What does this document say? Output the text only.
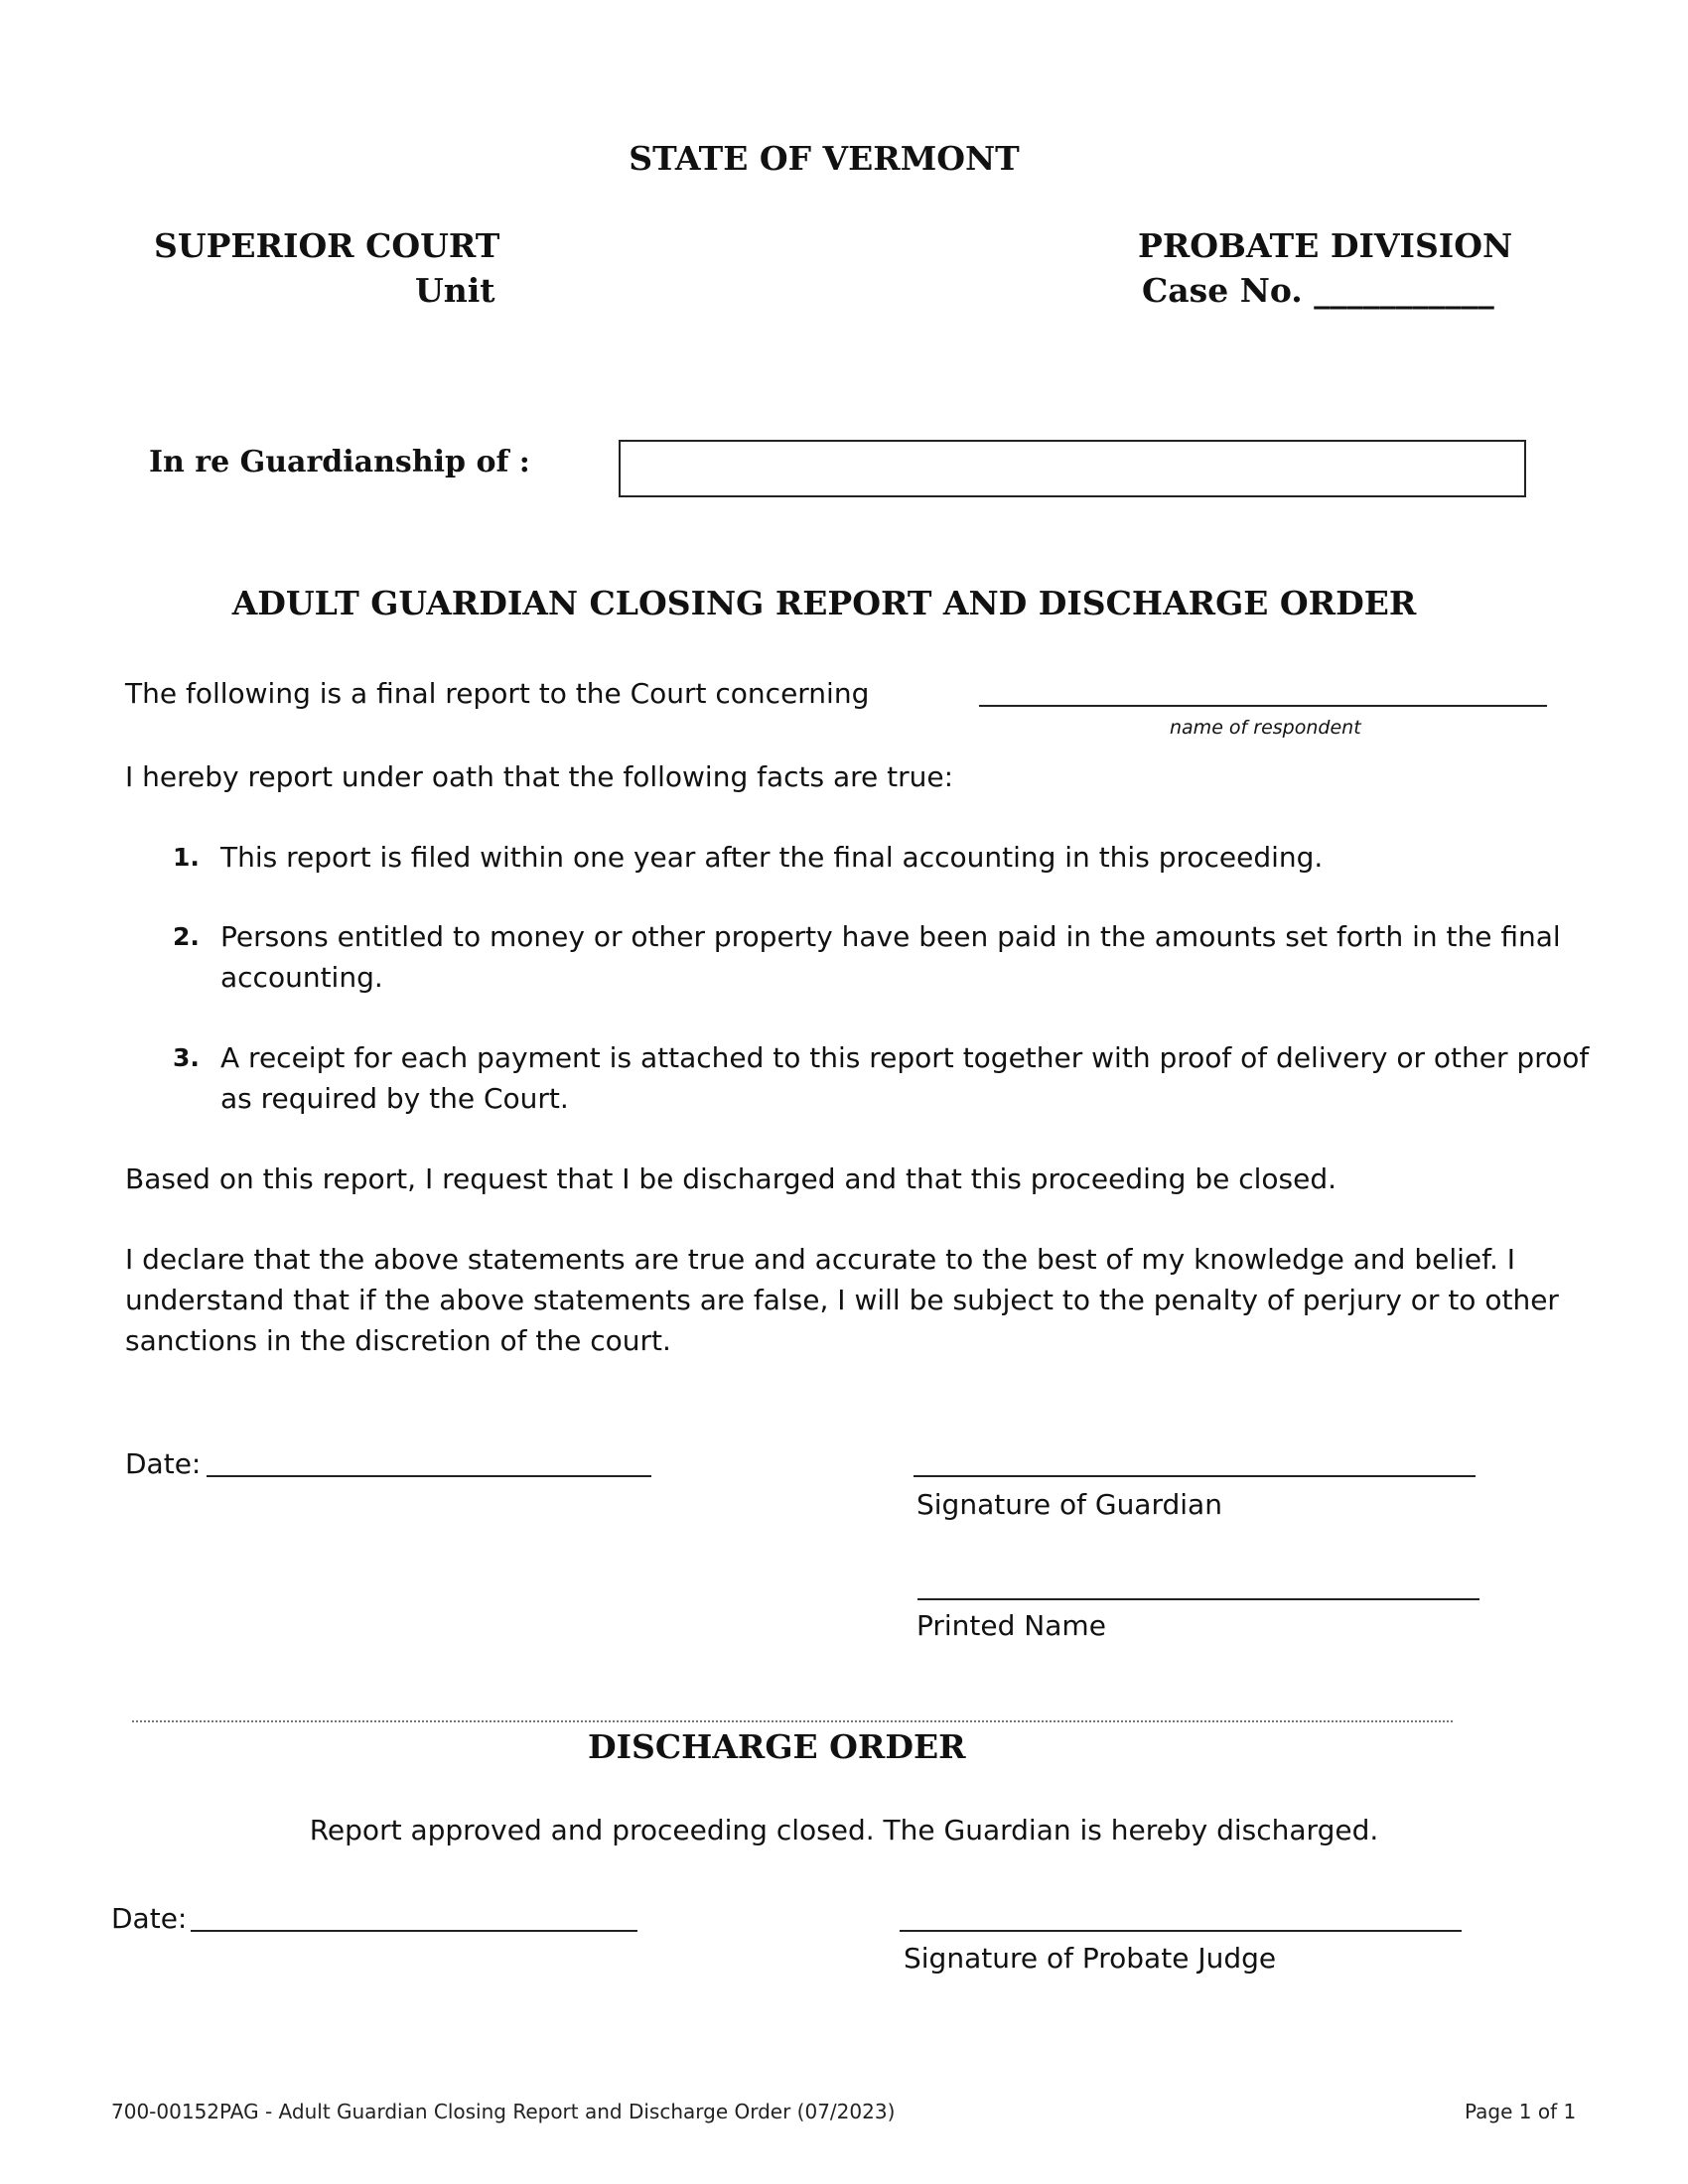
STATE OF VERMONT
SUPERIOR COURT
Unit
PROBATE DIVISION
Case No. ___________
In re Guardianship of :
ADULT GUARDIAN CLOSING REPORT AND DISCHARGE ORDER
The following is a final report to the Court concerning
name of respondent
I hereby report under oath that the following facts are true:
1. This report is filed within one year after the final accounting in this proceeding.
2. Persons entitled to money or other property have been paid in the amounts set forth in the final accounting.
3. A receipt for each payment is attached to this report together with proof of delivery or other proof as required by the Court.
Based on this report, I request that I be discharged and that this proceeding be closed.
I declare that the above statements are true and accurate to the best of my knowledge and belief. I understand that if the above statements are false, I will be subject to the penalty of perjury or to other sanctions in the discretion of the court.
Date:
Signature of Guardian
Printed Name
DISCHARGE ORDER
Report approved and proceeding closed. The Guardian is hereby discharged.
Date:
Signature of Probate Judge
700-00152PAG - Adult Guardian Closing Report and Discharge Order (07/2023)	Page 1 of 1
